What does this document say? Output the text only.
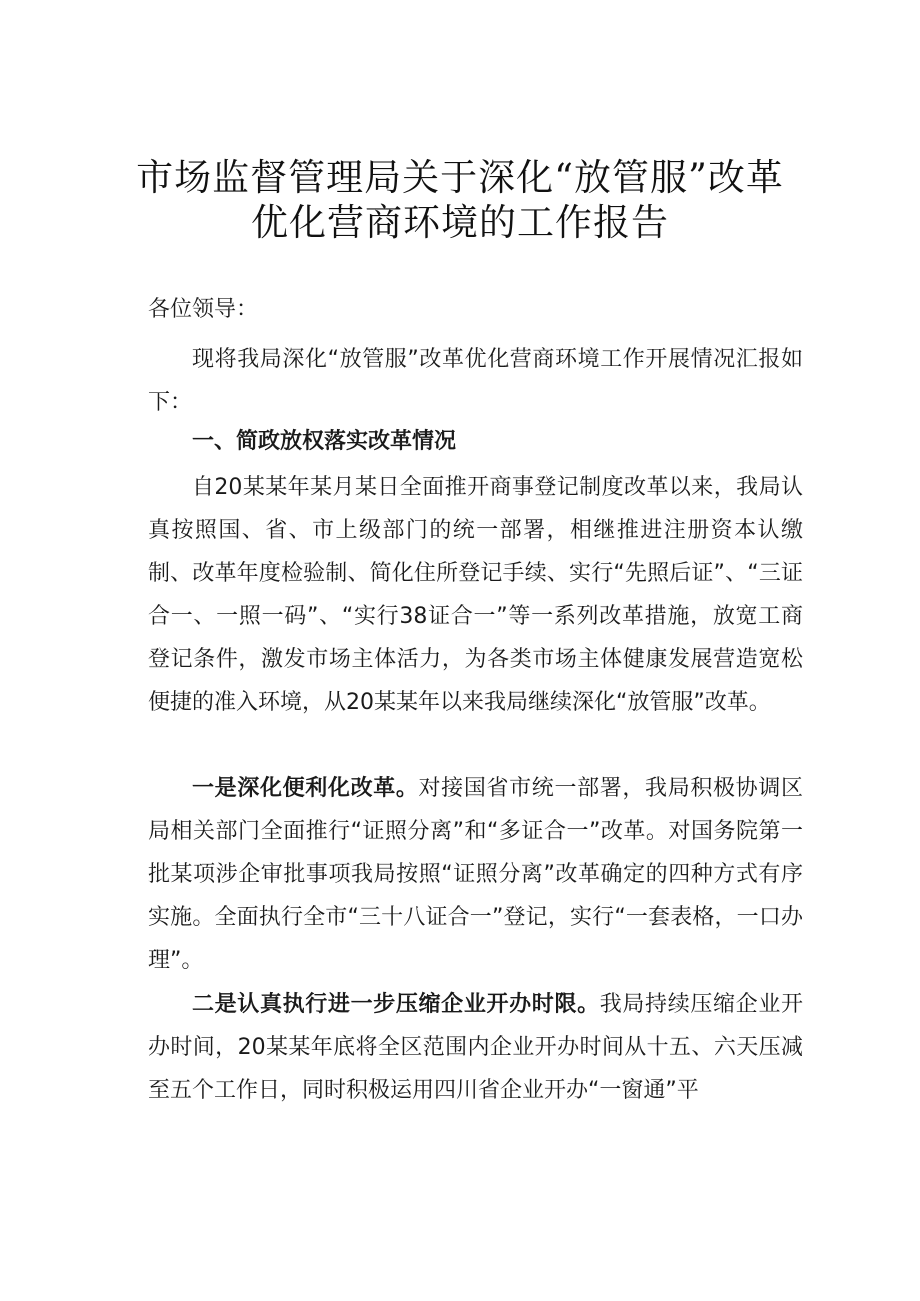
市场监督管理局关于深化“放管服”改革
优化营商环境的工作报告
各位领导：
现将我局深化“放管服”改革优化营商环境工作开展情况汇报如下：
一、简政放权落实改革情况
自20某某年某月某日全面推开商事登记制度改革以来，我局认真按照国、省、市上级部门的统一部署，相继推进注册资本认缴制、改革年度检验制、简化住所登记手续、实行“先照后证”、“三证合一、一照一码”、“实行38证合一”等一系列改革措施，放宽工商登记条件，激发市场主体活力，为各类市场主体健康发展营造宽松便捷的准入环境，从20某某年以来我局继续深化“放管服”改革。
一是深化便利化改革。对接国省市统一部署，我局积极协调区局相关部门全面推行“证照分离”和“多证合一”改革。对国务院第一批某项涉企审批事项我局按照“证照分离”改革确定的四种方式有序实施。全面执行全市“三十八证合一”登记，实行“一套表格，一口办理”。
二是认真执行进一步压缩企业开办时限。我局持续压缩企业开办时间，20某某年底将全区范围内企业开办时间从十五、六天压减至五个工作日，同时积极运用四川省企业开办“一窗通”平
